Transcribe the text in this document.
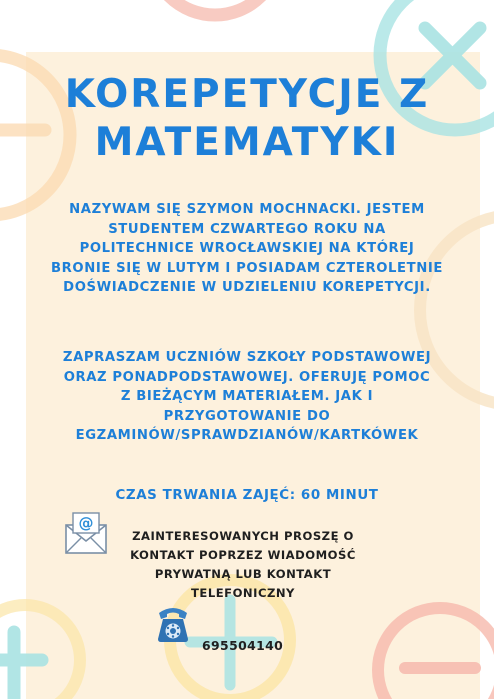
KOREPETYCJE Z
MATEMATYKI
NAZYWAM SIĘ SZYMON MOCHNACKI. JESTEM
STUDENTEM CZWARTEGO ROKU NA
POLITECHNICE WROCŁAWSKIEJ NA KTÓREJ
BRONIE SIĘ W LUTYM I POSIADAM CZTEROLETNIE
DOŚWIADCZENIE W UDZIELENIU KOREPETYCJI.
ZAPRASZAM UCZNIÓW SZKOŁY PODSTAWOWEJ
ORAZ PONADPODSTAWOWEJ. OFERUJĘ POMOC
Z BIEŻĄCYM MATERIAŁEM. JAK I
PRZYGOTOWANIE DO
EGZAMINÓW/SPRAWDZIANÓW/KARTKÓWEK
CZAS TRWANIA ZAJĘĆ: 60 MINUT
@
ZAINTERESOWANYCH PROSZĘ O
KONTAKT POPRZEZ WIADOMOŚĆ
PRYWATNĄ LUB KONTAKT
TELEFONICZNY
695504140
